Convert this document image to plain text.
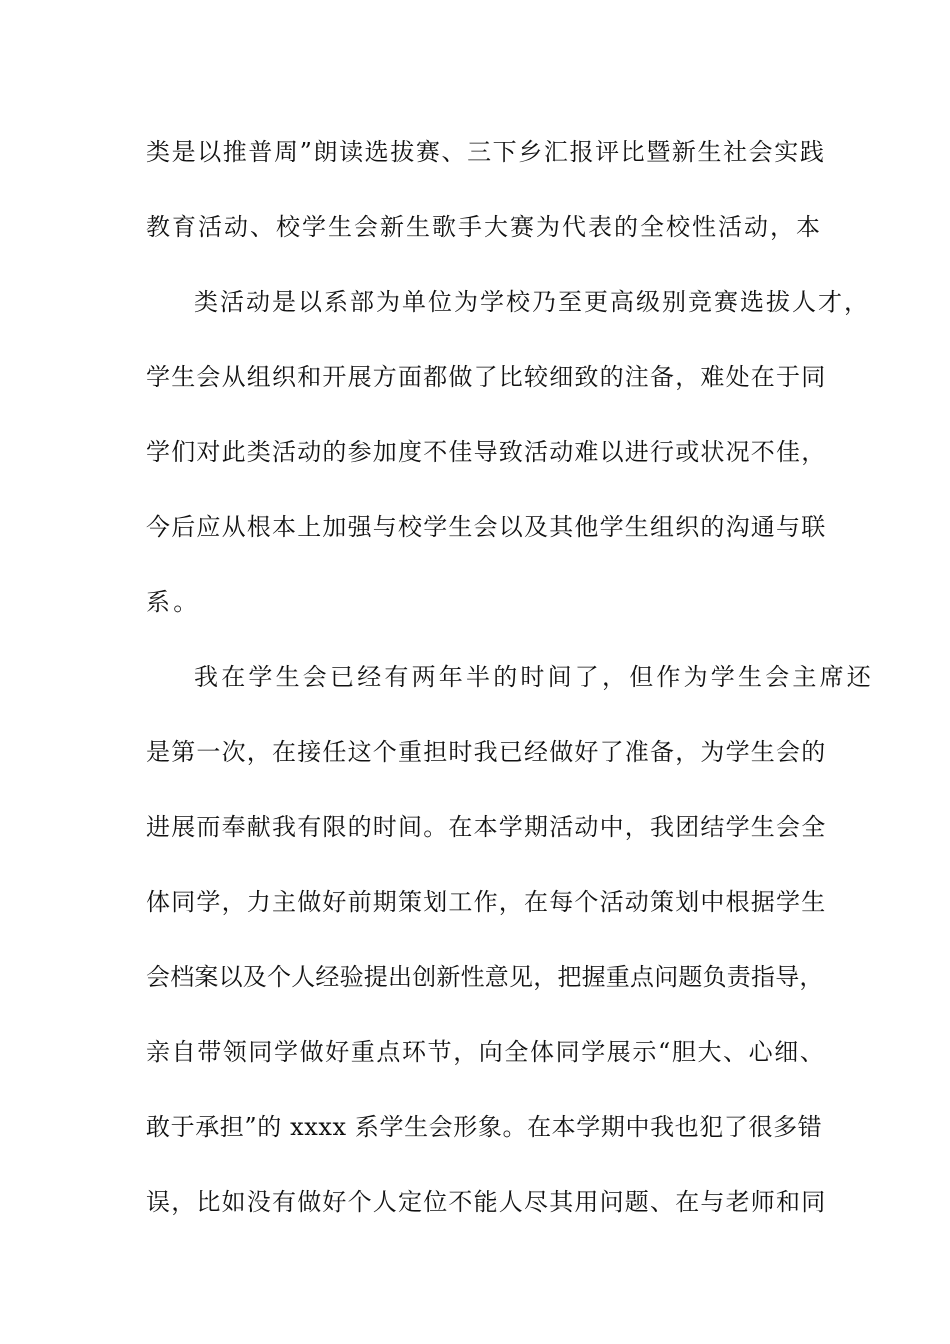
类是以推普周”朗读选拔赛、三下乡汇报评比暨新生社会实践
教育活动、校学生会新生歌手大赛为代表的全校性活动，本
类活动是以系部为单位为学校乃至更高级别竞赛选拔人才，
学生会从组织和开展方面都做了比较细致的注备，难处在于同
学们对此类活动的参加度不佳导致活动难以进行或状况不佳，
今后应从根本上加强与校学生会以及其他学生组织的沟通与联
系。
我在学生会已经有两年半的时间了，但作为学生会主席还
是第一次，在接任这个重担时我已经做好了准备，为学生会的
进展而奉献我有限的时间。在本学期活动中，我团结学生会全
体同学，力主做好前期策划工作，在每个活动策划中根据学生
会档案以及个人经验提出创新性意见，把握重点问题负责指导，
亲自带领同学做好重点环节，向全体同学展示“胆大、心细、
敢于承担”的 xxxx 系学生会形象。在本学期中我也犯了很多错
误，比如没有做好个人定位不能人尽其用问题、在与老师和同
